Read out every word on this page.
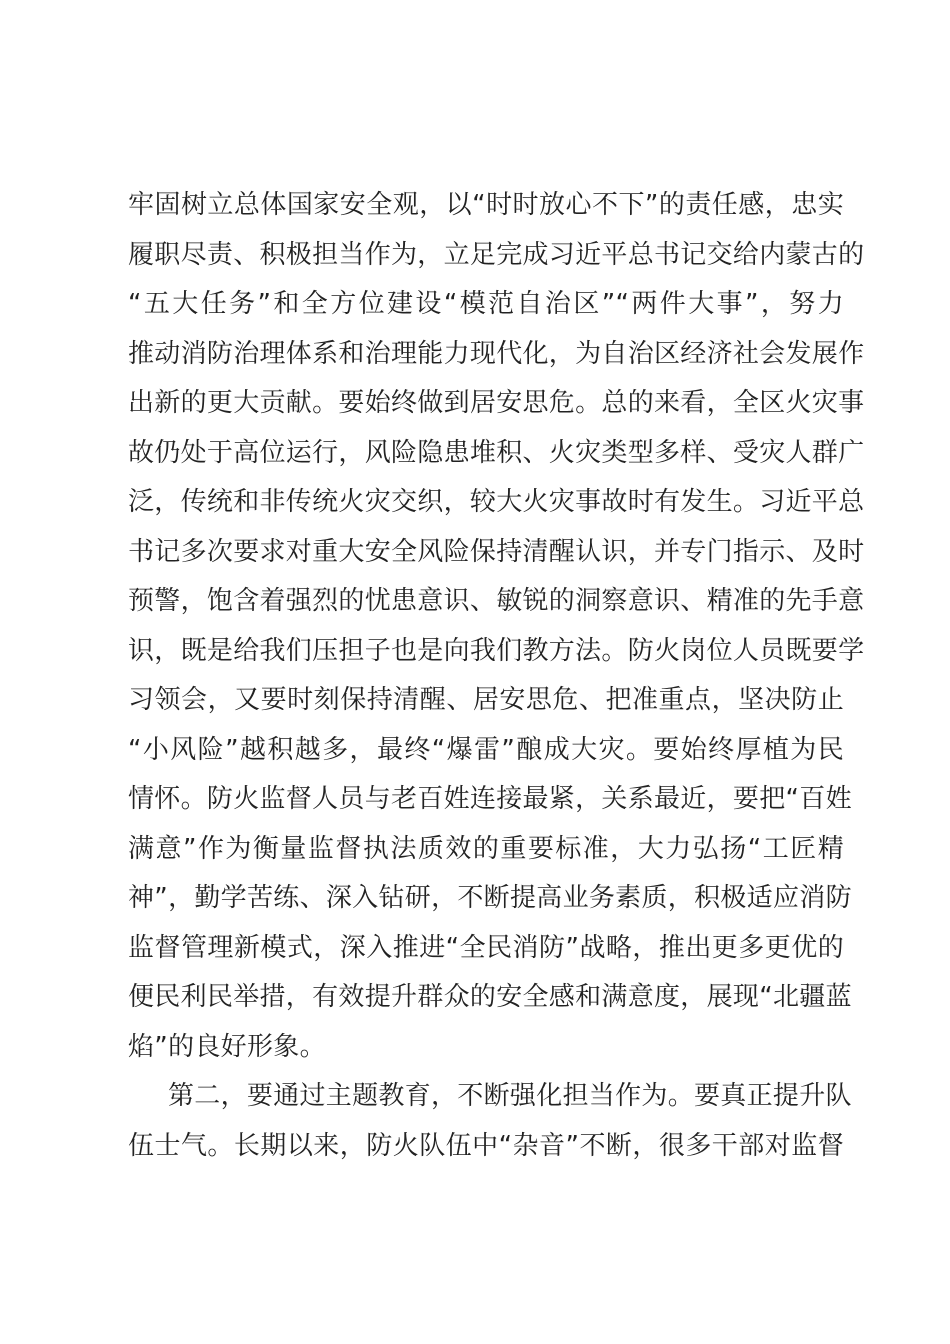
牢固树立总体国家安全观，以“时时放心不下”的责任感，忠实
履职尽责、积极担当作为，立足完成习近平总书记交给内蒙古的
“五大任务”和全方位建设“模范自治区”“两件大事”，努力
推动消防治理体系和治理能力现代化，为自治区经济社会发展作
出新的更大贡献。要始终做到居安思危。总的来看，全区火灾事
故仍处于高位运行，风险隐患堆积、火灾类型多样、受灾人群广
泛，传统和非传统火灾交织，较大火灾事故时有发生。习近平总
书记多次要求对重大安全风险保持清醒认识，并专门指示、及时
预警，饱含着强烈的忧患意识、敏锐的洞察意识、精准的先手意
识，既是给我们压担子也是向我们教方法。防火岗位人员既要学
习领会，又要时刻保持清醒、居安思危、把准重点，坚决防止
“小风险”越积越多，最终“爆雷”酿成大灾。要始终厚植为民
情怀。防火监督人员与老百姓连接最紧，关系最近，要把“百姓
满意”作为衡量监督执法质效的重要标准，大力弘扬“工匠精
神”，勤学苦练、深入钻研，不断提高业务素质，积极适应消防
监督管理新模式，深入推进“全民消防”战略，推出更多更优的
便民利民举措，有效提升群众的安全感和满意度，展现“北疆蓝
焰”的良好形象。
第二，要通过主题教育，不断强化担当作为。要真正提升队
伍士气。长期以来，防火队伍中“杂音”不断，很多干部对监督
